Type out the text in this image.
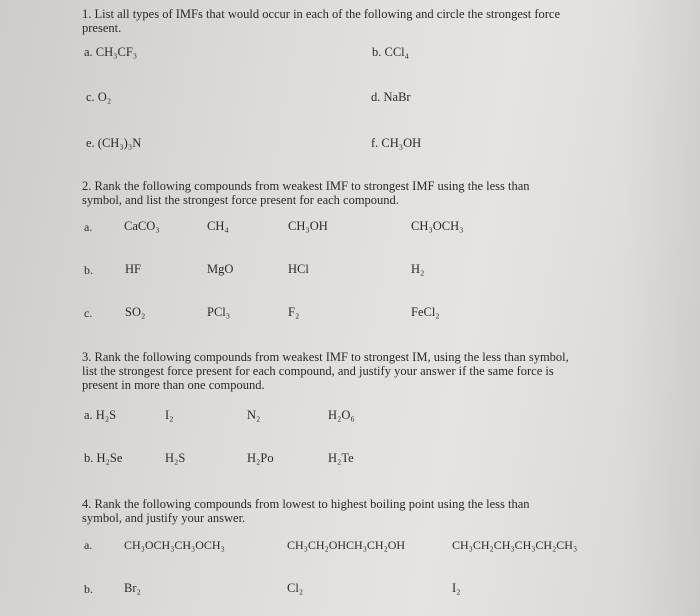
1. List all types of IMFs that would occur in each of the following and circle the strongest force
present.
a. CH₃CF₃	b. CCl₄
c. O₂	d. NaBr
e. (CH₃)₃N	f. CH₃OH
2. Rank the following compounds from weakest IMF to strongest IMF using the less than
symbol, and list the strongest force present for each compound.
a.	CaCO₃	CH₄	CH₃OH	CH₃OCH₃
b.	HF	MgO	HCl	H₂
c.	SO₂	PCl₃	F₂	FeCl₂
3. Rank the following compounds from weakest IMF to strongest IM, using the less than symbol,
list the strongest force present for each compound, and justify your answer if the same force is
present in more than one compound.
a. H₂S	I₂	N₂	H₂O₆
b. H₂Se	H₂S	H₂Po	H₂Te
4. Rank the following compounds from lowest to highest boiling point using the less than
symbol, and justify your answer.
a.	CH₃OCH₃CH₃OCH₃	CH₃CH₂OHCH₃CH₂OH	CH₃CH₂CH₃CH₃CH₂CH₃
b. Br₂	Cl₂	I₂
